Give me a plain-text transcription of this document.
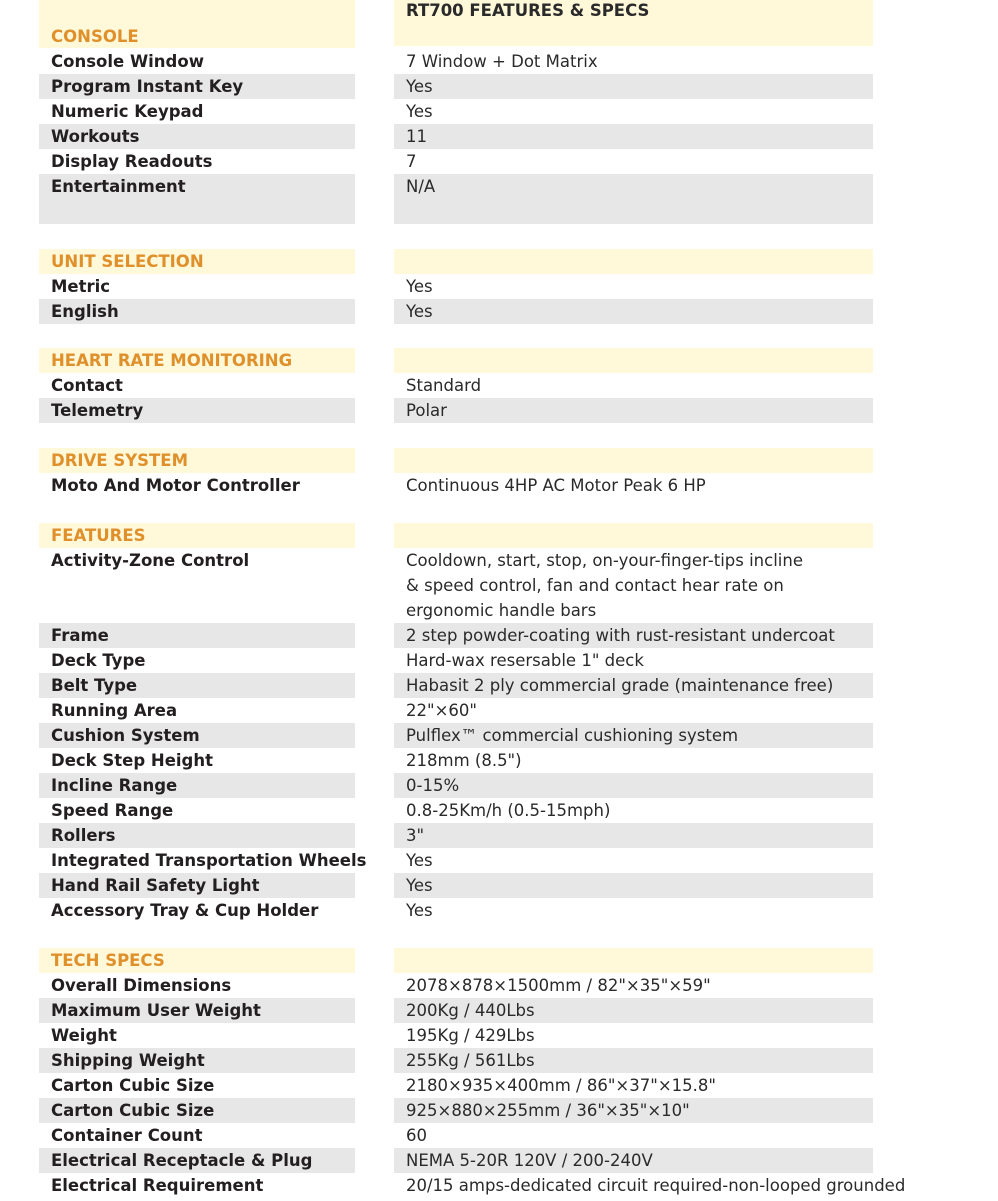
RT700 FEATURES & SPECS
CONSOLE
Console Window	7 Window + Dot Matrix
Program Instant Key	Yes
Numeric Keypad	Yes
Workouts	11
Display Readouts	7
Entertainment	N/A
UNIT SELECTION
Metric	Yes
English	Yes
HEART RATE MONITORING
Contact	Standard
Telemetry	Polar
DRIVE SYSTEM
Moto And Motor Controller	Continuous 4HP AC Motor Peak 6 HP
FEATURES
Activity-Zone Control	Cooldown, start, stop, on-your-finger-tips incline
& speed control, fan and contact hear rate on
ergonomic handle bars
Frame	2 step powder-coating with rust-resistant undercoat
Deck Type	Hard-wax resersable 1" deck
Belt Type	Habasit 2 ply commercial grade (maintenance free)
Running Area	22"×60"
Cushion System	Pulflex™ commercial cushioning system
Deck Step Height	218mm (8.5")
Incline Range	0-15%
Speed Range	0.8-25Km/h (0.5-15mph)
Rollers	3"
Integrated Transportation Wheels Yes
Hand Rail Safety Light	Yes
Accessory Tray & Cup Holder	Yes
TECH SPECS
Overall Dimensions	2078×878×1500mm / 82"×35"×59"
Maximum User Weight	200Kg / 440Lbs
Weight	195Kg / 429Lbs
Shipping Weight	255Kg / 561Lbs
Carton Cubic Size	2180×935×400mm / 86"×37"×15.8"
Carton Cubic Size	925×880×255mm / 36"×35"×10"
Container Count	60
Electrical Receptacle & Plug	NEMA 5-20R 120V / 200-240V
Electrical Requirement	20/15 amps-dedicated circuit required-non-looped grounded
